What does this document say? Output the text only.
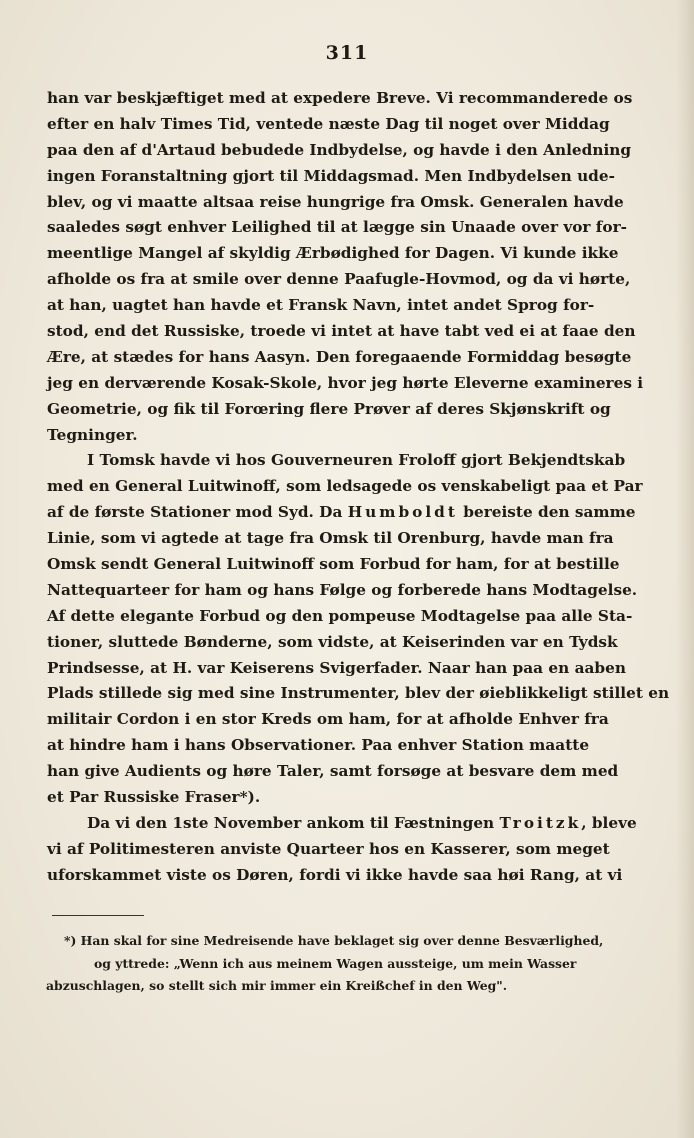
311
han var beskjæftiget med at expedere Breve. Vi recommanderede os
efter en halv Times Tid, ventede næste Dag til noget over Middag
paa den af d'Artaud bebudede Indbydelse, og havde i den Anledning
ingen Foranstaltning gjort til Middagsmad. Men Indbydelsen ude-
blev, og vi maatte altsaa reise hungrige fra Omsk. Generalen havde
saaledes søgt enhver Leilighed til at lægge sin Unaade over vor for-
meentlige Mangel af skyldig Ærbødighed for Dagen. Vi kunde ikke
afholde os fra at smile over denne Paafugle-Hovmod, og da vi hørte,
at han, uagtet han havde et Fransk Navn, intet andet Sprog for-
stod, end det Russiske, troede vi intet at have tabt ved ei at faae den
Ære, at stædes for hans Aasyn. Den foregaaende Formiddag besøgte
jeg en derværende Kosak-Skole, hvor jeg hørte Eleverne examineres i
Geometrie, og fik til Forœring flere Prøver af deres Skjønskrift og
Tegninger.
I Tomsk havde vi hos Gouverneuren Froloff gjort Bekjendtskab
med en General Luitwinoff, som ledsagede os venskabeligt paa et Par
af de første Stationer mod Syd. Da Humboldt bereiste den samme
Linie, som vi agtede at tage fra Omsk til Orenburg, havde man fra
Omsk sendt General Luitwinoff som Forbud for ham, for at bestille
Nattequarteer for ham og hans Følge og forberede hans Modtagelse.
Af dette elegante Forbud og den pompeuse Modtagelse paa alle Sta-
tioner, sluttede Bønderne, som vidste, at Keiserinden var en Tydsk
Prindsesse, at H. var Keiserens Svigerfader. Naar han paa en aaben
Plads stillede sig med sine Instrumenter, blev der øieblikkeligt stillet en
militair Cordon i en stor Kreds om ham, for at afholde Enhver fra
at hindre ham i hans Observationer. Paa enhver Station maatte
han give Audients og høre Taler, samt forsøge at besvare dem med
et Par Russiske Fraser*).
Da vi den 1ste November ankom til Fæstningen Troitzk, bleve
vi af Politimesteren anviste Quarteer hos en Kasserer, som meget
uforskammet viste os Døren, fordi vi ikke havde saa høi Rang, at vi
*) Han skal for sine Medreisende have beklaget sig over denne Besværlighed,
og yttrede: „Wenn ich aus meinem Wagen aussteige, um mein Wasser
abzuschlagen, so stellt sich mir immer ein Kreißchef in den Weg".
